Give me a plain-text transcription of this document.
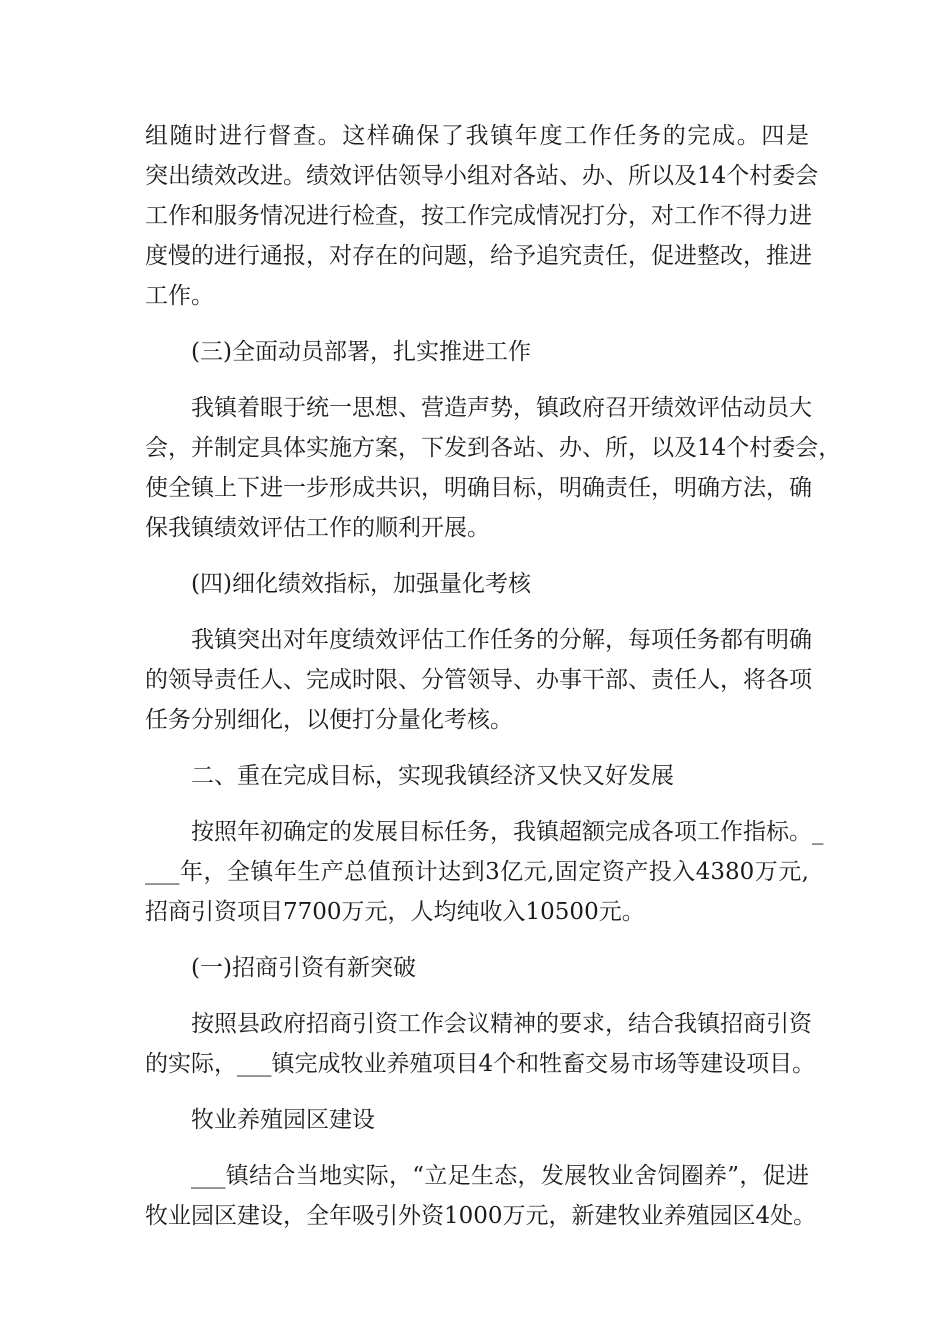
组随时进行督查。这样确保了我镇年度工作任务的完成。四是
突出绩效改进。绩效评估领导小组对各站、办、所以及14个村委会
工作和服务情况进行检查，按工作完成情况打分，对工作不得力进
度慢的进行通报，对存在的问题，给予追究责任，促进整改，推进
工作。
(三)全面动员部署，扎实推进工作
我镇着眼于统一思想、营造声势，镇政府召开绩效评估动员大
会，并制定具体实施方案，下发到各站、办、所，以及14个村委会，
使全镇上下进一步形成共识，明确目标，明确责任，明确方法，确
保我镇绩效评估工作的顺利开展。
(四)细化绩效指标，加强量化考核
我镇突出对年度绩效评估工作任务的分解，每项任务都有明确
的领导责任人、完成时限、分管领导、办事干部、责任人，将各项
任务分别细化，以便打分量化考核。
二、重在完成目标，实现我镇经济又快又好发展
按照年初确定的发展目标任务，我镇超额完成各项工作指标。_
___年，全镇年生产总值预计达到3亿元,固定资产投入4380万元,
招商引资项目7700万元，人均纯收入10500元。
(一)招商引资有新突破
按照县政府招商引资工作会议精神的要求，结合我镇招商引资
的实际，___镇完成牧业养殖项目4个和牲畜交易市场等建设项目。
牧业养殖园区建设
___镇结合当地实际，“立足生态，发展牧业舍饲圈养”，促进
牧业园区建设，全年吸引外资1000万元，新建牧业养殖园区4处。
